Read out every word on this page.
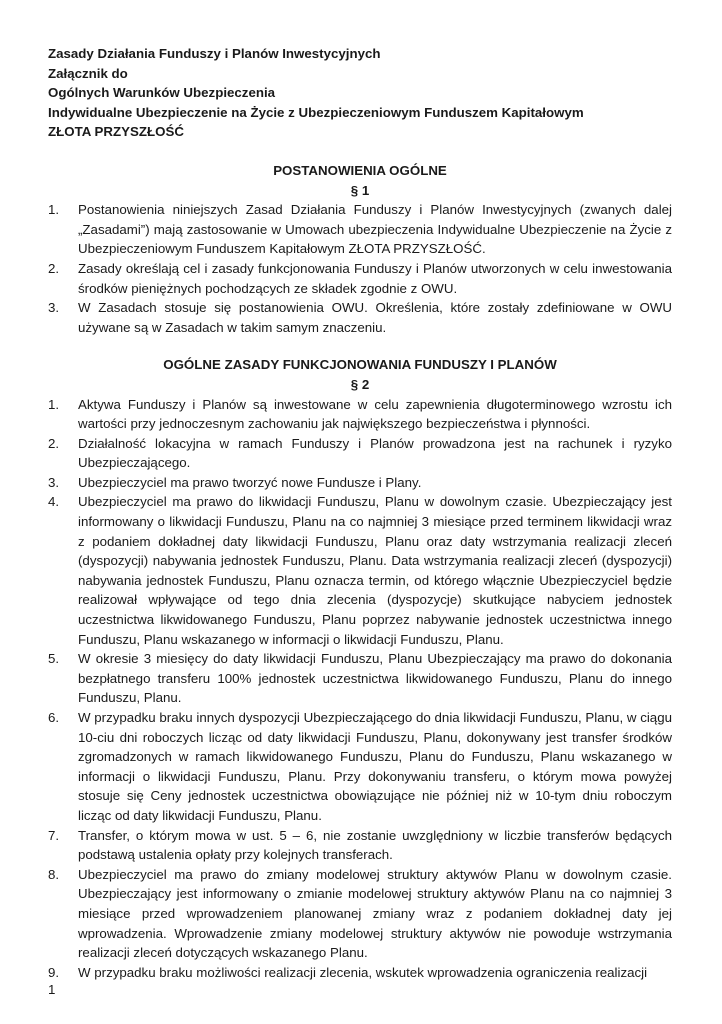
Zasady Działania Funduszy i Planów Inwestycyjnych

Załącznik do

Ogólnych Warunków Ubezpieczenia

Indywidualne Ubezpieczenie na Życie z Ubezpieczeniowym Funduszem Kapitałowym

ZŁOTA PRZYSZŁOŚĆ

POSTANOWIENIA OGÓLNE

§ 1

1.	Postanowienia niniejszych Zasad Działania Funduszy i Planów Inwestycyjnych (zwanych dalej „Zasadami”) mają zastosowanie w Umowach ubezpieczenia Indywidualne Ubezpieczenie na Życie z Ubezpieczeniowym Funduszem Kapitałowym ZŁOTA PRZYSZŁOŚĆ.
2.	Zasady określają cel i zasady funkcjonowania Funduszy i Planów utworzonych w celu inwestowania środków pieniężnych pochodzących ze składek zgodnie z OWU.
3.	W Zasadach stosuje się postanowienia OWU. Określenia, które zostały zdefiniowane w OWU używane są w Zasadach w takim samym znaczeniu.

OGÓLNE ZASADY FUNKCJONOWANIA FUNDUSZY I PLANÓW

§ 2

1.	Aktywa Funduszy i Planów są inwestowane w celu zapewnienia długoterminowego wzrostu ich wartości przy jednoczesnym zachowaniu jak największego bezpieczeństwa i płynności.
2.	Działalność lokacyjna w ramach Funduszy i Planów prowadzona jest na rachunek i ryzyko Ubezpieczającego.
3.	Ubezpieczyciel ma prawo tworzyć nowe Fundusze i Plany.
4.	Ubezpieczyciel ma prawo do likwidacji Funduszu, Planu w dowolnym czasie. Ubezpieczający jest informowany o likwidacji Funduszu, Planu na co najmniej 3 miesiące przed terminem likwidacji wraz z podaniem dokładnej daty likwidacji Funduszu, Planu oraz daty wstrzymania realizacji zleceń (dyspozycji) nabywania jednostek Funduszu, Planu. Data wstrzymania realizacji zleceń (dyspozycji) nabywania jednostek Funduszu, Planu oznacza termin, od którego włącznie Ubezpieczyciel będzie realizował wpływające od tego dnia zlecenia (dyspozycje) skutkujące nabyciem jednostek uczestnictwa likwidowanego Funduszu, Planu poprzez nabywanie jednostek uczestnictwa innego Funduszu, Planu wskazanego w informacji o likwidacji Funduszu, Planu.
5.	W okresie 3 miesięcy do daty likwidacji Funduszu, Planu Ubezpieczający ma prawo do dokonania bezpłatnego transferu 100% jednostek uczestnictwa likwidowanego Funduszu, Planu do innego Funduszu, Planu.
6.	W przypadku braku innych dyspozycji Ubezpieczającego do dnia likwidacji Funduszu, Planu, w ciągu 10-ciu dni roboczych licząc od daty likwidacji Funduszu, Planu, dokonywany jest transfer środków zgromadzonych w ramach likwidowanego Funduszu, Planu do Funduszu, Planu wskazanego w informacji o likwidacji Funduszu, Planu. Przy dokonywaniu transferu, o którym mowa powyżej stosuje się Ceny jednostek uczestnictwa obowiązujące nie później niż w 10-tym dniu roboczym licząc od daty likwidacji Funduszu, Planu.
7.	Transfer, o którym mowa w ust. 5 – 6, nie zostanie uwzględniony w liczbie transferów będących podstawą ustalenia opłaty przy kolejnych transferach.
8.	Ubezpieczyciel ma prawo do zmiany modelowej struktury aktywów Planu w dowolnym czasie. Ubezpieczający jest informowany o zmianie modelowej struktury aktywów Planu na co najmniej 3 miesiące przed wprowadzeniem planowanej zmiany wraz z podaniem dokładnej daty jej wprowadzenia. Wprowadzenie zmiany modelowej struktury aktywów nie powoduje wstrzymania realizacji zleceń dotyczących wskazanego Planu.
9.	W przypadku braku możliwości realizacji zlecenia, wskutek wprowadzenia ograniczenia realizacji
1
